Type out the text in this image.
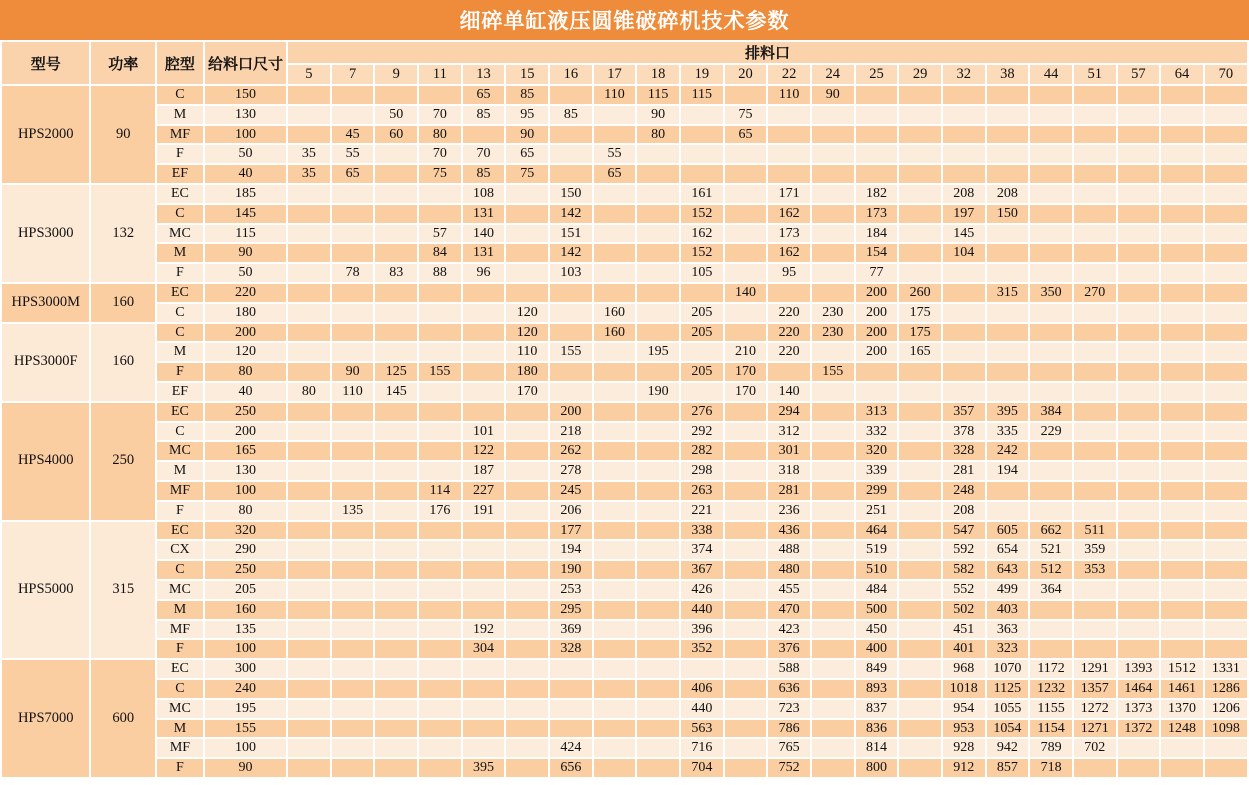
细碎单缸液压圆锥破碎机技术参数
型号	功率	腔型	给料口尺寸	排料口																					
				5	7	9	11	13	15	16	17	18	19	20	22	24	25	29	32	38	44	51	57	64	70
HPS2000	90	C	150					65	85		110	115	115		110	90									
		M	130			50	70	85	95	85		90		75											
		MF	100		45	60	80		90			80		65											
		F	50	35	55		70	70	65		55														
		EF	40	35	65		75	85	75		65														
HPS3000	132	EC	185					108		150			161		171		182		208	208					
		C	145					131		142			152		162		173		197	150					
		MC	115				57	140		151			162		173		184		145						
		M	90				84	131		142			152		162		154		104						
		F	50		78	83	88	96		103			105		95		77								
HPS3000M	160	EC	220											140			200	260		315	350	270			
		C	180						120		160		205		220	230	200	175							
HPS3000F	160	C	200						120		160		205		220	230	200	175							
		M	120						110	155		195		210	220		200	165							
		F	80		90	125	155		180				205	170		155									
		EF	40	80	110	145			170			190		170	140										
HPS4000	250	EC	250							200			276		294		313		357	395	384				
		C	200					101		218			292		312		332		378	335	229				
		MC	165					122		262			282		301		320		328	242					
		M	130					187		278			298		318		339		281	194					
		MF	100				114	227		245			263		281		299		248						
		F	80		135		176	191		206			221		236		251		208						
HPS5000	315	EC	320							177			338		436		464		547	605	662	511			
		CX	290							194			374		488		519		592	654	521	359			
		C	250							190			367		480		510		582	643	512	353			
		MC	205							253			426		455		484		552	499	364				
		M	160							295			440		470		500		502	403					
		MF	135					192		369			396		423		450		451	363					
		F	100					304		328			352		376		400		401	323					
HPS7000	600	EC	300												588		849		968	1070	1172	1291	1393	1512	1331
		C	240										406		636		893		1018	1125	1232	1357	1464	1461	1286
		MC	195										440		723		837		954	1055	1155	1272	1373	1370	1206
		M	155										563		786		836		953	1054	1154	1271	1372	1248	1098
		MF	100							424			716		765		814		928	942	789	702			
		F	90					395		656			704		752		800		912	857	718				
